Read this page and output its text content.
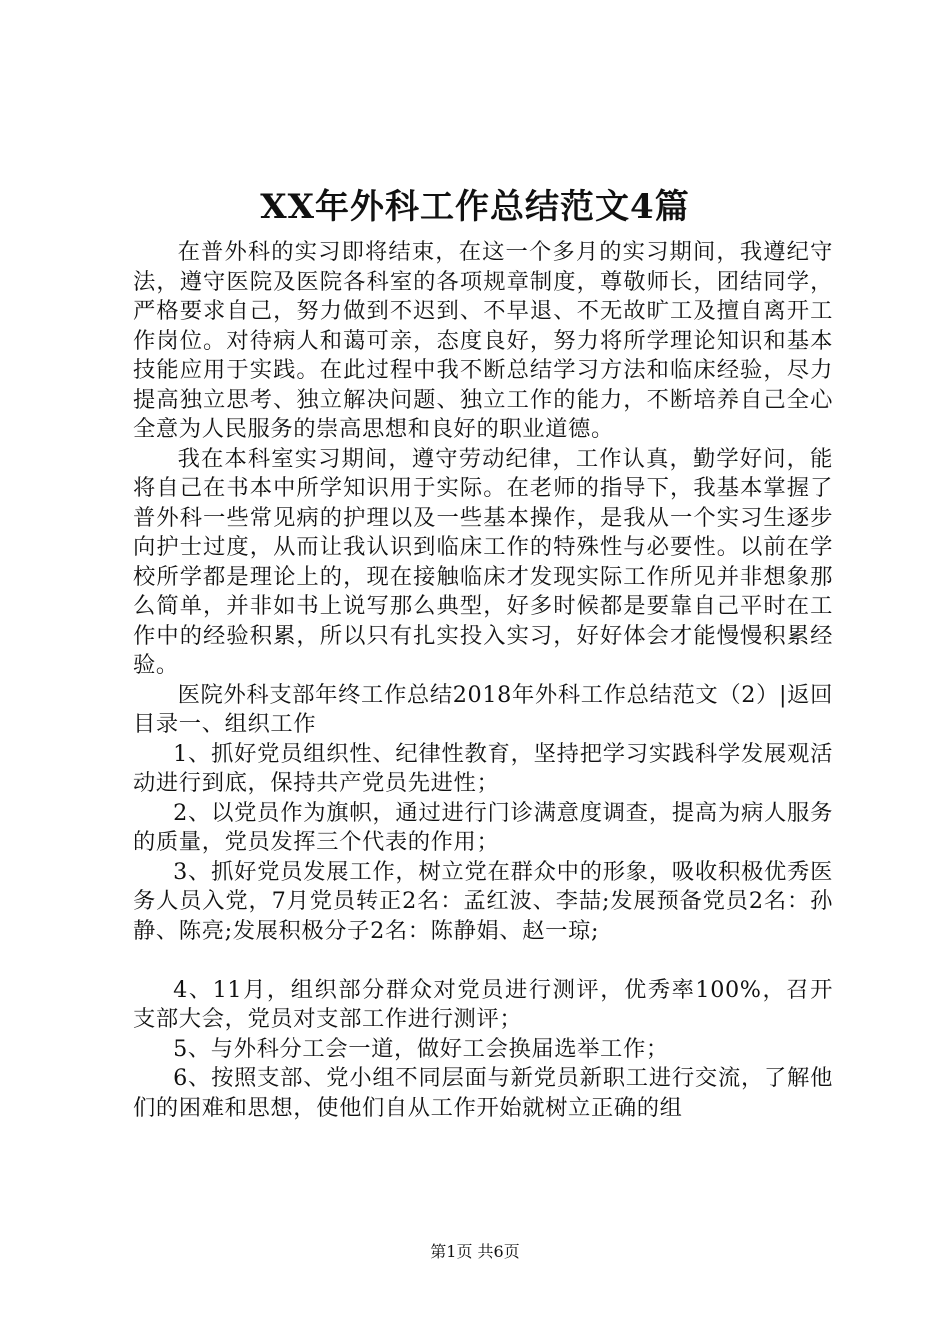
XX年外科工作总结范文4篇

在普外科的实习即将结束，在这一个多月的实习期间，我遵纪守法，遵守医院及医院各科室的各项规章制度，尊敬师长，团结同学，严格要求自己，努力做到不迟到、不早退、不无故旷工及擅自离开工作岗位。对待病人和蔼可亲，态度良好，努力将所学理论知识和基本技能应用于实践。在此过程中我不断总结学习方法和临床经验，尽力提高独立思考、独立解决问题、独立工作的能力，不断培养自己全心全意为人民服务的崇高思想和良好的职业道德。

我在本科室实习期间，遵守劳动纪律，工作认真，勤学好问，能将自己在书本中所学知识用于实际。在老师的指导下，我基本掌握了普外科一些常见病的护理以及一些基本操作，是我从一个实习生逐步向护士过度，从而让我认识到临床工作的特殊性与必要性。以前在学校所学都是理论上的，现在接触临床才发现实际工作所见并非想象那么简单，并非如书上说写那么典型，好多时候都是要靠自己平时在工作中的经验积累，所以只有扎实投入实习，好好体会才能慢慢积累经验。

医院外科支部年终工作总结2018年外科工作总结范文（2）|返回目录一、组织工作

1、抓好党员组织性、纪律性教育，坚持把学习实践科学发展观活动进行到底，保持共产党员先进性；

2、以党员作为旗帜，通过进行门诊满意度调查，提高为病人服务的质量，党员发挥三个代表的作用；

3、抓好党员发展工作，树立党在群众中的形象，吸收积极优秀医务人员入党，7月党员转正2名：孟红波、李喆;发展预备党员2名：孙静、陈亮;发展积极分子2名：陈静娟、赵一琼;

4、11月，组织部分群众对党员进行测评，优秀率100%，召开支部大会，党员对支部工作进行测评；

5、与外科分工会一道，做好工会换届选举工作；

6、按照支部、党小组不同层面与新党员新职工进行交流，了解他们的困难和思想，使他们自从工作开始就树立正确的组

第1页 共6页
